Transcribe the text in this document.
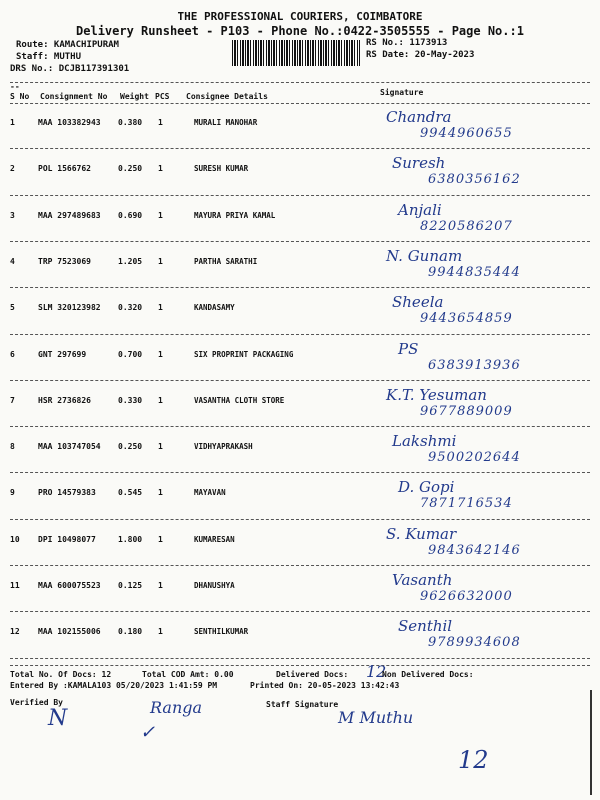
THE PROFESSIONAL COURIERS, COIMBATORE
Delivery Runsheet - P103 - Phone No.:0422-3505555 - Page No.:1
Route: KAMACHIPURAM
Staff: MUTHU
DRS No.: DCJB117391301
RS No.: 1173913
RS Date: 20-May-2023
--
S No Consignment No Weight PCS Consignee Details	Signature
1	MAA 103382943 0.380 1	MURALI MANOHAR	Chandra
9944960655
2	POL 1566762	0.250 1	SURESH KUMAR	Suresh
6380356162
3	MAA 297489683 0.690 1	MAYURA PRIYA KAMAL	Anjali
8220586207
4	TRP 7523069	1.205 1	PARTHA SARATHI	N. Gunam
9944835444
5	SLM 320123982 0.320 1	KANDASAMY	Sheela
9443654859
6	GNT 297699	0.700 1	SIX PROPRINT PACKAGING	PS
6383913936
7	HSR 2736826	0.330 1	VASANTHA CLOTH STORE	K.T. Yesuman
9677889009
8	MAA 103747054 0.250 1	VIDHYAPRAKASH	Lakshmi
9500202644
9	PRO 14579383	0.545 1	MAYAVAN	D. Gopi
7871716534
10 DPI 10498077	1.800 1	KUMARESAN	S. Kumar
9843642146
11 MAA 600075523 0.125 1	DHANUSHYA	Vasanth
9626632000
12 MAA 102155006 0.180 1	SENTHILKUMAR	Senthil
9789934608
Total No. Of Docs: 12	Total COD Amt: 0.00	Delivered Docs: 12
Non Delivered Docs:
Entered By :KAMALA103 05/20/2023 1:41:59 PM	Printed On: 20-05-2023 13:42:43
Verified By	Staff Signature
N	Ranga
✓
M Muthu
12
